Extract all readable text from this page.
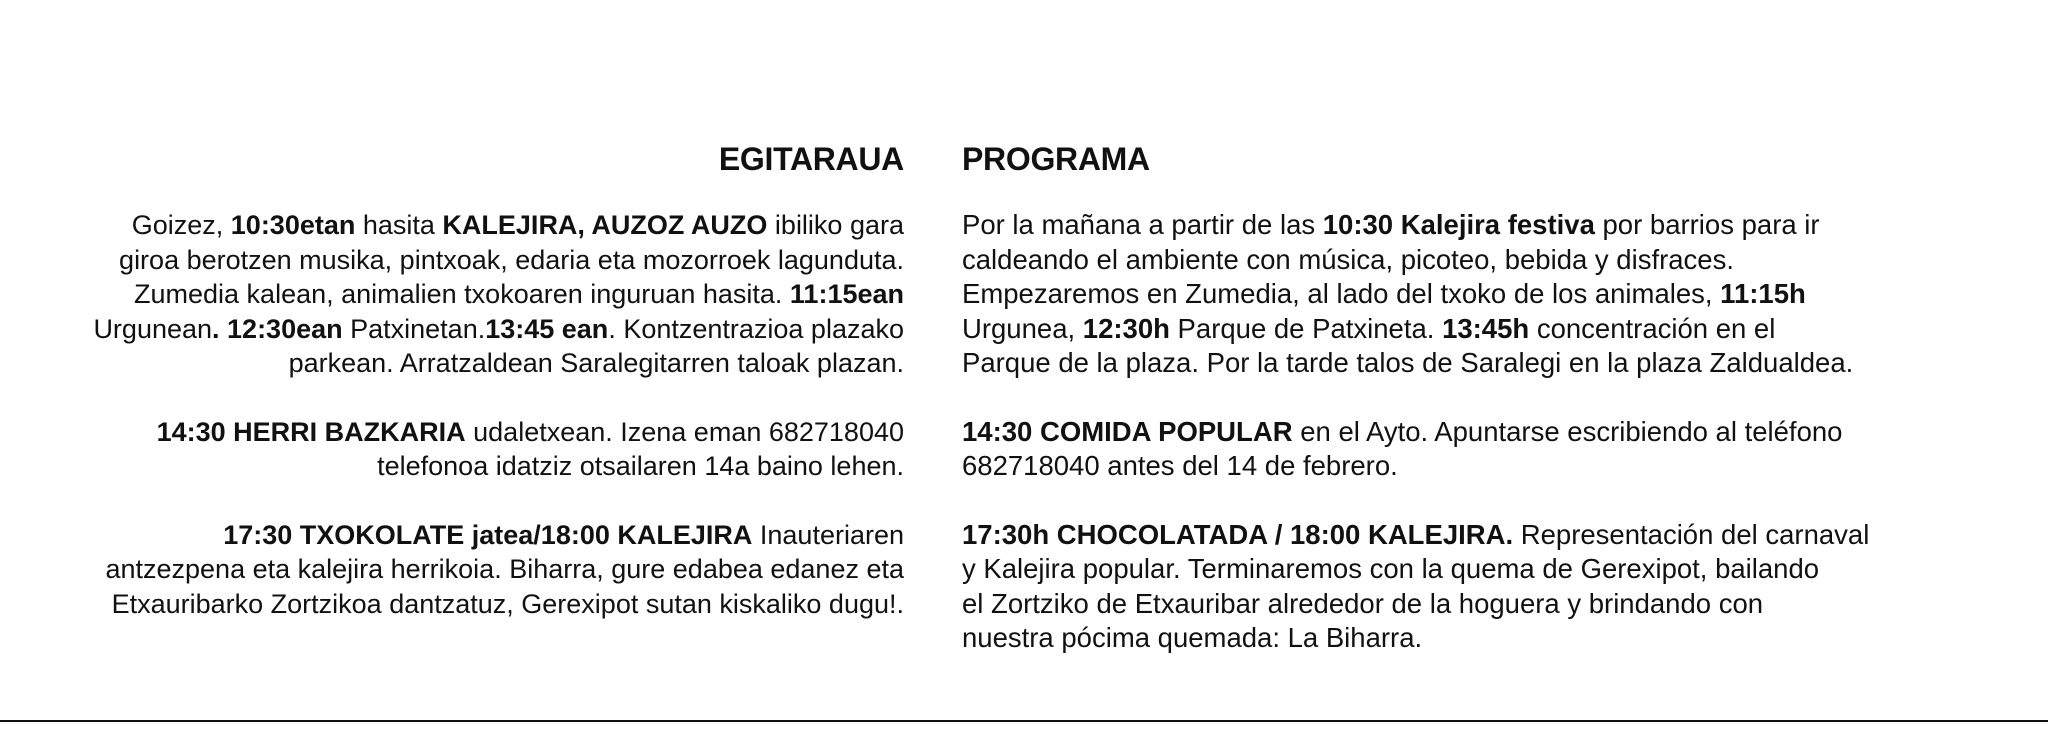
EGITARAUA
Goizez, 10:30etan hasita KALEJIRA, AUZOZ AUZO ibiliko gara
giroa berotzen musika, pintxoak, edaria eta mozorroek lagunduta.
Zumedia kalean, animalien txokoaren inguruan hasita. 11:15ean
Urgunean. 12:30ean Patxinetan.13:45 ean. Kontzentrazioa plazako
parkean. Arratzaldean Saralegitarren taloak plazan.
14:30 HERRI BAZKARIA udaletxean. Izena eman 682718040
telefonoa idatziz otsailaren 14a baino lehen.
17:30 TXOKOLATE jatea/18:00 KALEJIRA Inauteriaren
antzezpena eta kalejira herrikoia. Biharra, gure edabea edanez eta
Etxauribarko Zortzikoa dantzatuz, Gerexipot sutan kiskaliko dugu!.
PROGRAMA
Por la mañana a partir de las 10:30 Kalejira festiva por barrios para ir
caldeando el ambiente con música, picoteo, bebida y disfraces.
Empezaremos en Zumedia, al lado del txoko de los animales, 11:15h
Urgunea, 12:30h Parque de Patxineta. 13:45h concentración en el
Parque de la plaza. Por la tarde talos de Saralegi en la plaza Zaldualdea.
14:30 COMIDA POPULAR en el Ayto. Apuntarse escribiendo al teléfono
682718040 antes del 14 de febrero.
17:30h CHOCOLATADA / 18:00 KALEJIRA. Representación del carnaval
y Kalejira popular. Terminaremos con la quema de Gerexipot, bailando
el Zortziko de Etxauribar alrededor de la hoguera y brindando con
nuestra pócima quemada: La Biharra.
